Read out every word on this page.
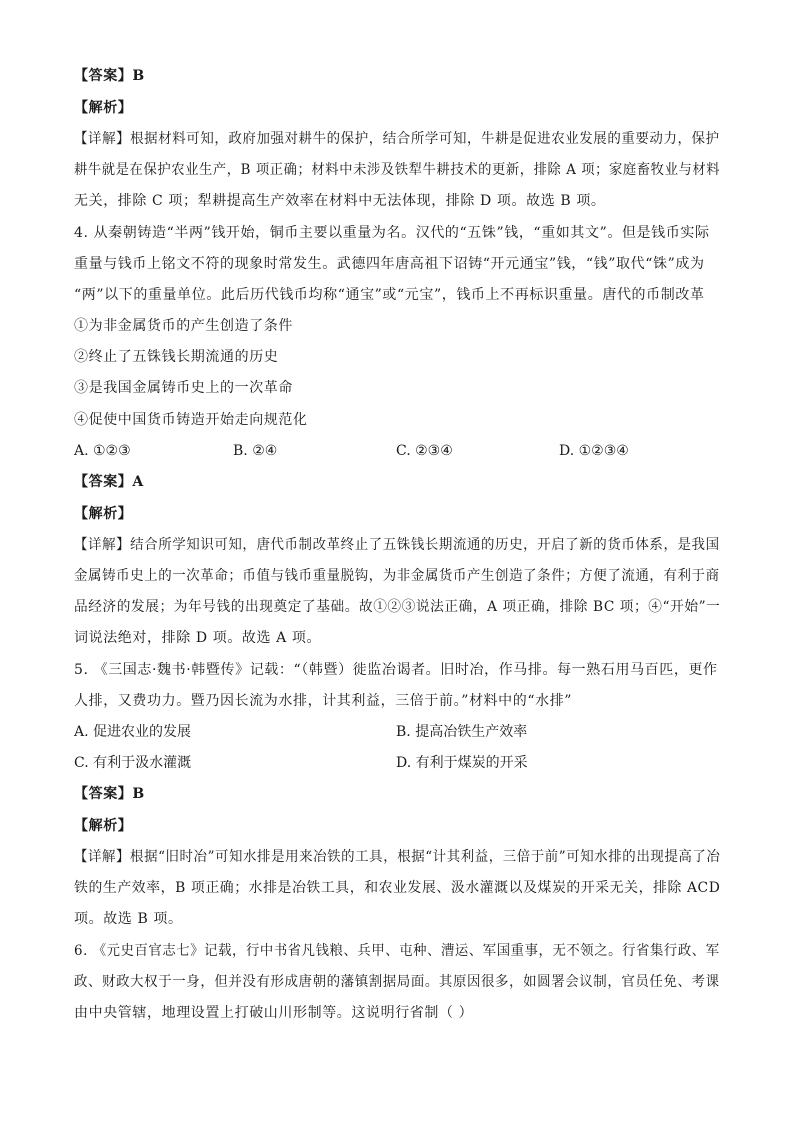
【答案】B
【解析】
【详解】根据材料可知，政府加强对耕牛的保护，结合所学可知，牛耕是促进农业发展的重要动力，保护
耕牛就是在保护农业生产，B 项正确；材料中未涉及铁犁牛耕技术的更新，排除 A 项；家庭畜牧业与材料
无关，排除 C 项；犁耕提高生产效率在材料中无法体现，排除 D 项。故选 B 项。
4. 从秦朝铸造“半两”钱开始，铜币主要以重量为名。汉代的“五铢”钱，“重如其文”。但是钱币实际
重量与钱币上铭文不符的现象时常发生。武德四年唐高祖下诏铸“开元通宝”钱，“钱”取代“铢”成为
“两”以下的重量单位。此后历代钱币均称“通宝”或“元宝”，钱币上不再标识重量。唐代的币制改革
①为非金属货币的产生创造了条件
②终止了五铢钱长期流通的历史
③是我国金属铸币史上的一次革命
④促使中国货币铸造开始走向规范化
A. ①②③	B. ②④	C. ②③④	D. ①②③④
【答案】A
【解析】
【详解】结合所学知识可知，唐代币制改革终止了五铢钱长期流通的历史，开启了新的货币体系，是我国
金属铸币史上的一次革命；币值与钱币重量脱钩，为非金属货币产生创造了条件；方便了流通，有利于商
品经济的发展；为年号钱的出现奠定了基础。故①②③说法正确，A 项正确，排除 BC 项；④“开始”一
词说法绝对，排除 D 项。故选 A 项。
5. 《三国志·魏书·韩暨传》记载：“（韩暨）徙监冶谒者。旧时冶，作马排。每一熟石用马百匹，更作
人排，又费功力。暨乃因长流为水排，计其利益，三倍于前。”材料中的“水排”
A. 促进农业的发展	B. 提高冶铁生产效率
C. 有利于汲水灌溉	D. 有利于煤炭的开采
【答案】B
【解析】
【详解】根据“旧时冶”可知水排是用来冶铁的工具，根据“计其利益，三倍于前”可知水排的出现提高了冶
铁的生产效率，B 项正确；水排是冶铁工具，和农业发展、汲水灌溉以及煤炭的开采无关，排除 ACD
项。故选 B 项。
6. 《元史百官志七》记载，行中书省凡钱粮、兵甲、屯种、漕运、军国重事，无不领之。行省集行政、军
政、财政大权于一身，但并没有形成唐朝的藩镇割据局面。其原因很多，如圆署会议制，官员任免、考课
由中央管辖，地理设置上打破山川形制等。这说明行省制（ ）
